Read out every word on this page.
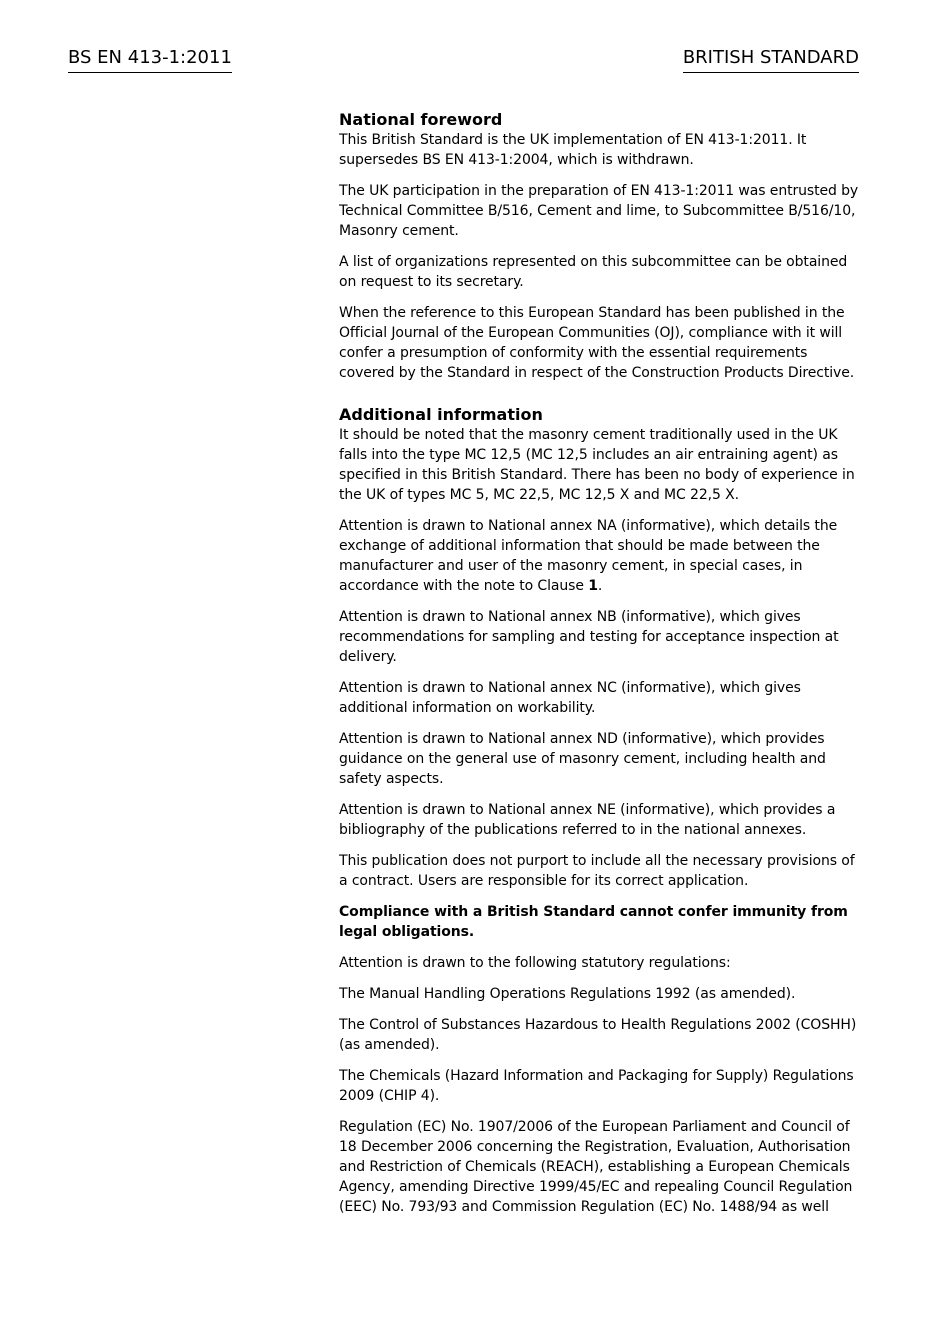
BS EN 413-1:2011	BRITISH STANDARD
National foreword

This British Standard is the UK implementation of EN 413-1:2011. It supersedes BS EN 413-1:2004, which is withdrawn.

The UK participation in the preparation of EN 413-1:2011 was entrusted by Technical Committee B/516, Cement and lime, to Subcommittee B/516/10, Masonry cement.

A list of organizations represented on this subcommittee can be obtained on request to its secretary.

When the reference to this European Standard has been published in the Official Journal of the European Communities (OJ), compliance with it will confer a presumption of conformity with the essential requirements covered by the Standard in respect of the Construction Products Directive.

Additional information

It should be noted that the masonry cement traditionally used in the UK falls into the type MC 12,5 (MC 12,5 includes an air entraining agent) as specified in this British Standard. There has been no body of experience in the UK of types MC 5, MC 22,5, MC 12,5 X and MC 22,5 X.

Attention is drawn to National annex NA (informative), which details the exchange of additional information that should be made between the manufacturer and user of the masonry cement, in special cases, in accordance with the note to Clause 1.

Attention is drawn to National annex NB (informative), which gives recommendations for sampling and testing for acceptance inspection at delivery.

Attention is drawn to National annex NC (informative), which gives additional information on workability.

Attention is drawn to National annex ND (informative), which provides guidance on the general use of masonry cement, including health and safety aspects.

Attention is drawn to National annex NE (informative), which provides a bibliography of the publications referred to in the national annexes.

This publication does not purport to include all the necessary provisions of a contract. Users are responsible for its correct application.

Compliance with a British Standard cannot confer immunity from legal obligations.

Attention is drawn to the following statutory regulations:

The Manual Handling Operations Regulations 1992 (as amended).

The Control of Substances Hazardous to Health Regulations 2002 (COSHH) (as amended).

The Chemicals (Hazard Information and Packaging for Supply) Regulations 2009 (CHIP 4).

Regulation (EC) No. 1907/2006 of the European Parliament and Council of 18 December 2006 concerning the Registration, Evaluation, Authorisation and Restriction of Chemicals (REACH), establishing a European Chemicals Agency, amending Directive 1999/45/EC and repealing Council Regulation (EEC) No. 793/93 and Commission Regulation (EC) No. 1488/94 as well
